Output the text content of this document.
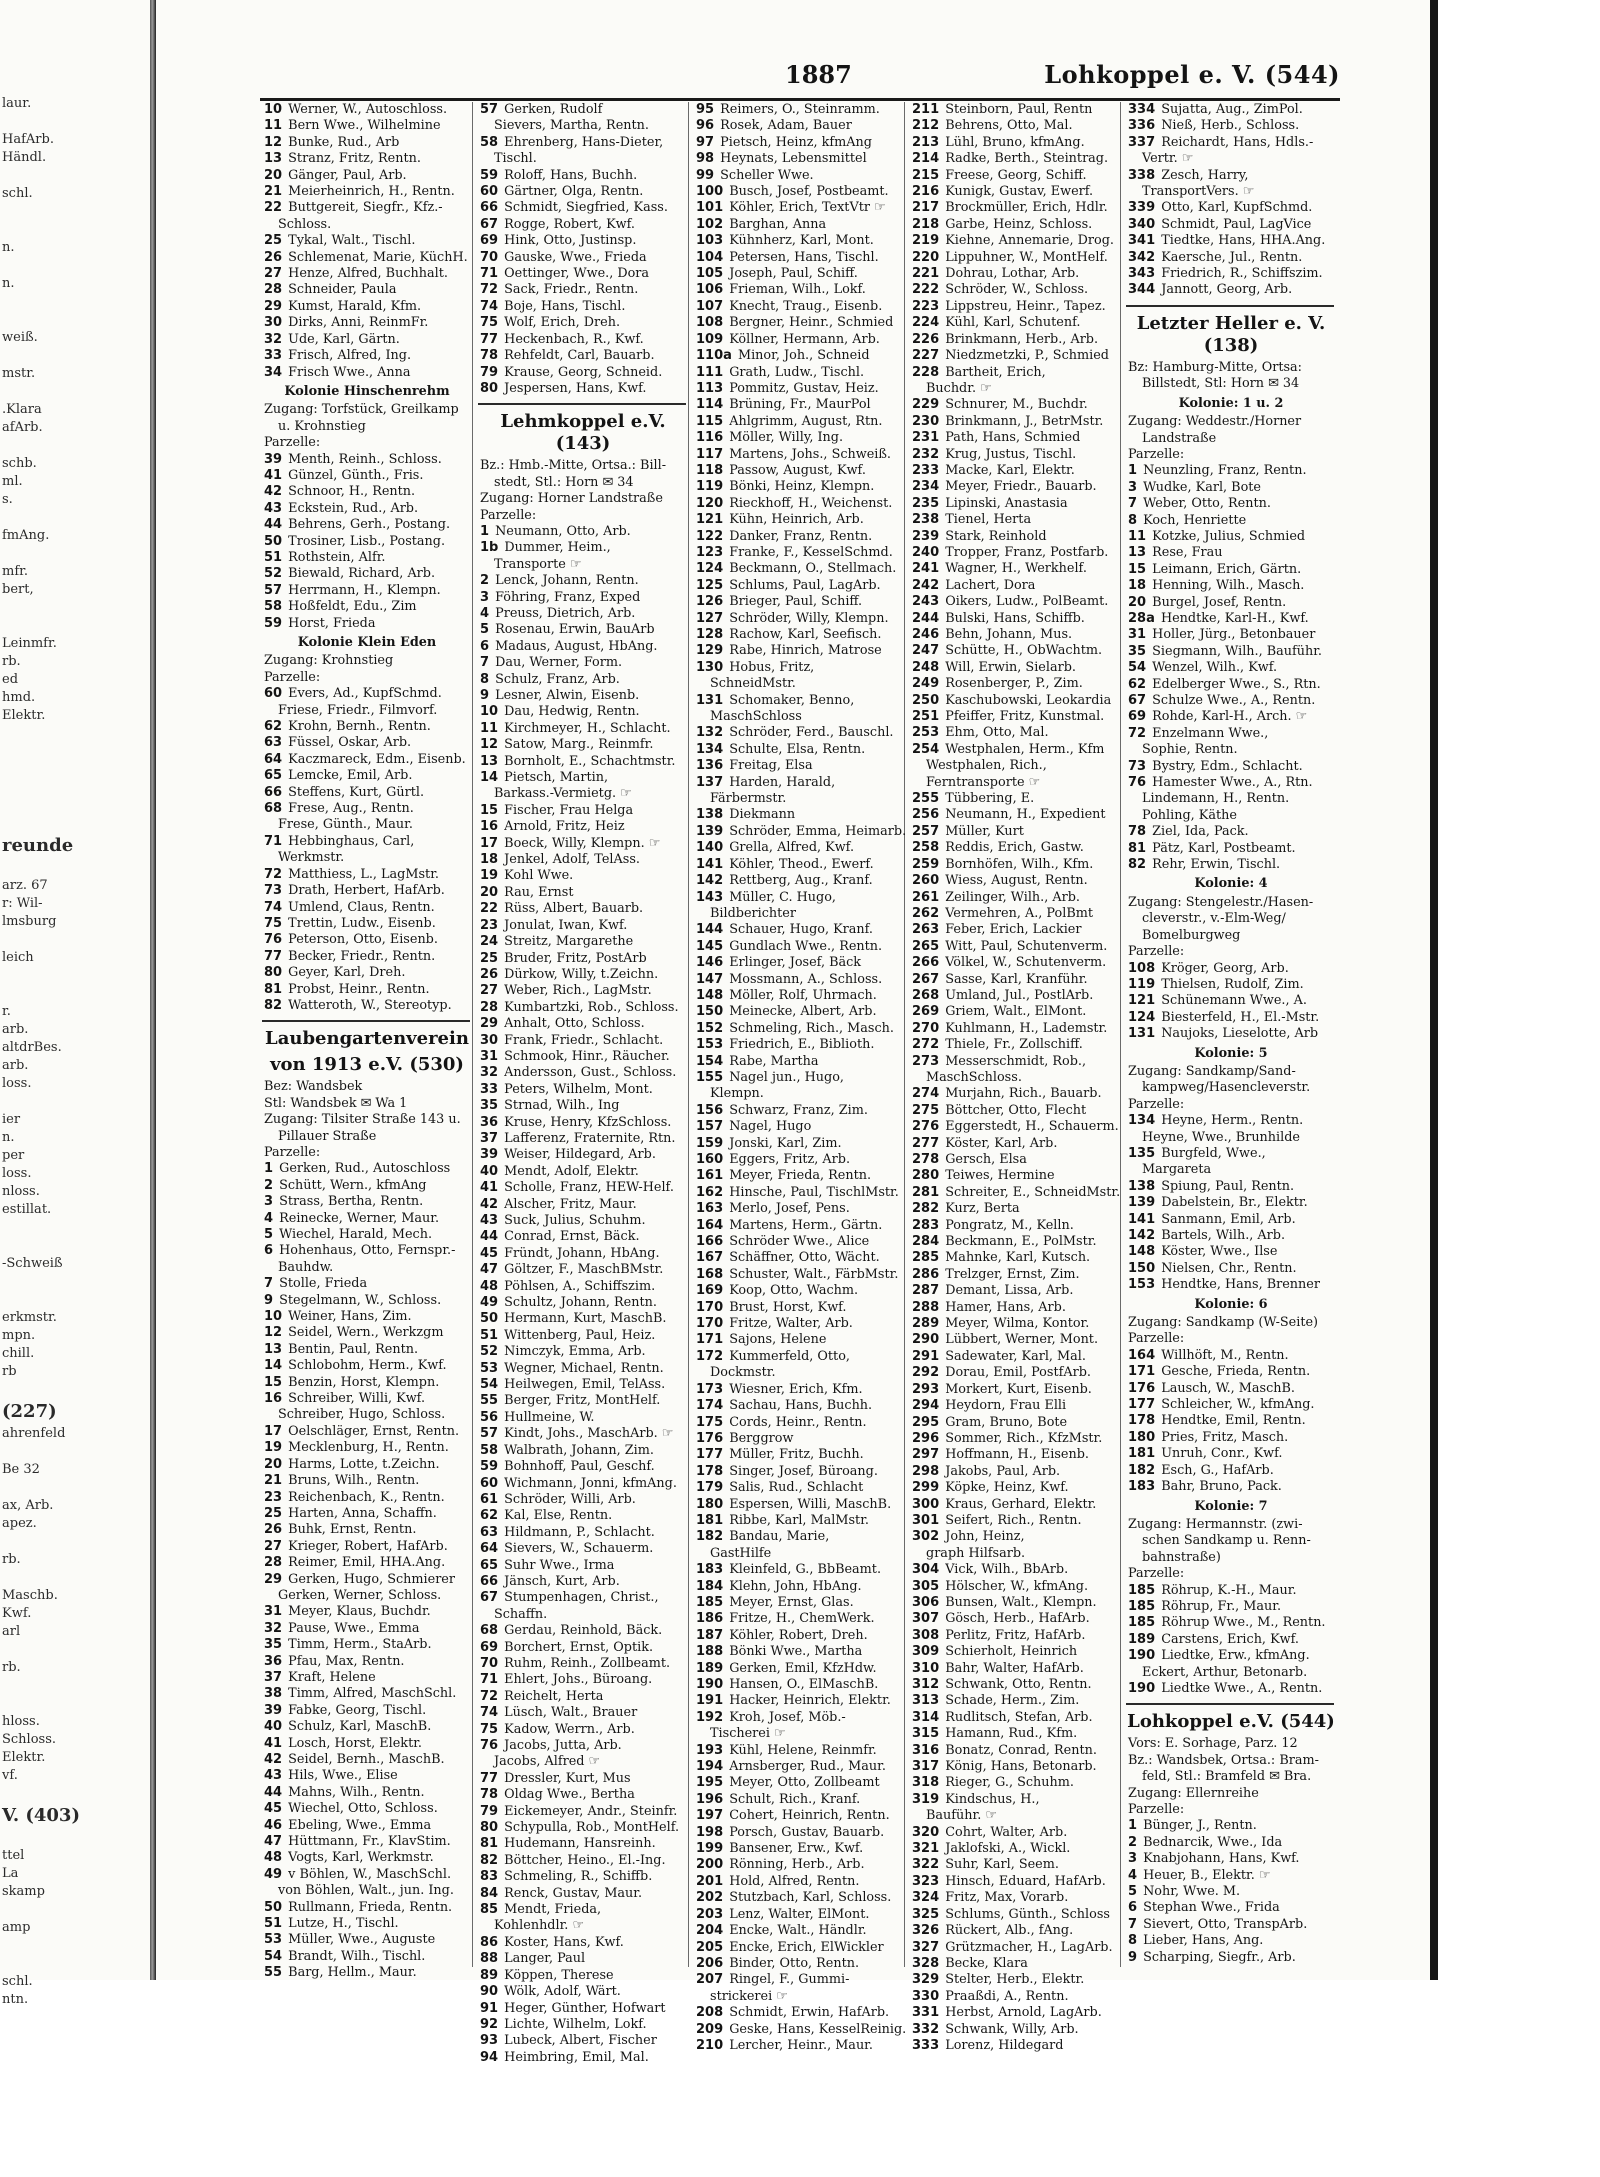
laur.

HafArb.
Händl.

schl.

n.

n.

weiß.

mstr.

.Klara
afArb.

schb.
ml.
s.

fmAng.

mfr.
bert,

Leinmfr.
rb.
ed
hmd.
Elektr.

reunde

arz. 67
r: Wil-
lmsburg

leich

r.
arb.
altdrBes.
arb.
loss.

ier
n.
per
loss.
nloss.
estillat.

-Schweiß

erkmstr.
mpn.
chill.
rb

(227)
ahrenfeld

Be 32

ax, Arb.
apez.

rb.

Maschb.
Kwf.
arl

rb.

hloss.
Schloss.
Elektr.
vf.

V. (403)

ttel
La
skamp

amp

schl.
ntn.
1887	Lohkoppel e. V. (544)
10 Werner, W., Autoschloss.
11 Bern Wwe., Wilhelmine
12 Bunke, Rud., Arb
13 Stranz, Fritz, Rentn.
20 Gänger, Paul, Arb.
21 Meierheinrich, H., Rentn.
22 Buttgereit, Siegfr., Kfz.-
Schloss.
25 Tykal, Walt., Tischl.
26 Schlemenat, Marie, KüchH.
27 Henze, Alfred, Buchhalt.
28 Schneider, Paula
29 Kumst, Harald, Kfm.
30 Dirks, Anni, ReinmFr.
32 Ude, Karl, Gärtn.
33 Frisch, Alfred, Ing.
34 Frisch Wwe., Anna
Kolonie Hinschenrehm
Zugang: Torfstück, Greilkamp
u. Krohnstieg
Parzelle:
39 Menth, Reinh., Schloss.
41 Günzel, Günth., Fris.
42 Schnoor, H., Rentn.
43 Eckstein, Rud., Arb.
44 Behrens, Gerh., Postang.
50 Trosiner, Lisb., Postang.
51 Rothstein, Alfr.
52 Biewald, Richard, Arb.
57 Herrmann, H., Klempn.
58 Hoßfeldt, Edu., Zim
59 Horst, Frieda
Kolonie Klein Eden
Zugang: Krohnstieg
Parzelle:
60 Evers, Ad., KupfSchmd.
Friese, Friedr., Filmvorf.
62 Krohn, Bernh., Rentn.
63 Füssel, Oskar, Arb.
64 Kaczmareck, Edm., Eisenb.
65 Lemcke, Emil, Arb.
66 Steffens, Kurt, Gürtl.
68 Frese, Aug., Rentn.
Frese, Günth., Maur.
71 Hebbinghaus, Carl,
Werkmstr.
72 Matthiess, L., LagMstr.
73 Drath, Herbert, HafArb.
74 Umlend, Claus, Rentn.
75 Trettin, Ludw., Eisenb.
76 Peterson, Otto, Eisenb.
77 Becker, Friedr., Rentn.
80 Geyer, Karl, Dreh.
81 Probst, Heinr., Rentn.
82 Watteroth, W., Stereotyp.
Laubengartenverein
von 1913 e.V. (530)
Bez: Wandsbek
Stl: Wandsbek ✉ Wa 1
Zugang: Tilsiter Straße 143 u.
Pillauer Straße
Parzelle:
1 Gerken, Rud., Autoschloss
2 Schütt, Wern., kfmAng
3 Strass, Bertha, Rentn.
4 Reinecke, Werner, Maur.
5 Wiechel, Harald, Mech.
6 Hohenhaus, Otto, Fernspr.-
Bauhdw.
7 Stolle, Frieda
9 Stegelmann, W., Schloss.
10 Weiner, Hans, Zim.
12 Seidel, Wern., Werkzgm
13 Bentin, Paul, Rentn.
14 Schlobohm, Herm., Kwf.
15 Benzin, Horst, Klempn.
16 Schreiber, Willi, Kwf.
Schreiber, Hugo, Schloss.
17 Oelschläger, Ernst, Rentn.
19 Mecklenburg, H., Rentn.
20 Harms, Lotte, t.Zeichn.
21 Bruns, Wilh., Rentn.
23 Reichenbach, K., Rentn.
25 Harten, Anna, Schaffn.
26 Buhk, Ernst, Rentn.
27 Krieger, Robert, HafArb.
28 Reimer, Emil, HHA.Ang.
29 Gerken, Hugo, Schmierer
Gerken, Werner, Schloss.
31 Meyer, Klaus, Buchdr.
32 Pause, Wwe., Emma
35 Timm, Herm., StaArb.
36 Pfau, Max, Rentn.
37 Kraft, Helene
38 Timm, Alfred, MaschSchl.
39 Fabke, Georg, Tischl.
40 Schulz, Karl, MaschB.
41 Losch, Horst, Elektr.
42 Seidel, Bernh., MaschB.
43 Hils, Wwe., Elise
44 Mahns, Wilh., Rentn.
45 Wiechel, Otto, Schloss.
46 Ebeling, Wwe., Emma
47 Hüttmann, Fr., KlavStim.
48 Vogts, Karl, Werkmstr.
49 v Böhlen, W., MaschSchl.
von Böhlen, Walt., jun. Ing.
50 Rullmann, Frieda, Rentn.
51 Lutze, H., Tischl.
53 Müller, Wwe., Auguste
54 Brandt, Wilh., Tischl.
55 Barg, Hellm., Maur.
57 Gerken, Rudolf
Sievers, Martha, Rentn.
58 Ehrenberg, Hans-Dieter,
Tischl.
59 Roloff, Hans, Buchh.
60 Gärtner, Olga, Rentn.
66 Schmidt, Siegfried, Kass.
67 Rogge, Robert, Kwf.
69 Hink, Otto, Justinsp.
70 Gauske, Wwe., Frieda
71 Oettinger, Wwe., Dora
72 Sack, Friedr., Rentn.
74 Boje, Hans, Tischl.
75 Wolf, Erich, Dreh.
77 Heckenbach, R., Kwf.
78 Rehfeldt, Carl, Bauarb.
79 Krause, Georg, Schneid.
80 Jespersen, Hans, Kwf.
Lehmkoppel e.V. (143)
Bz.: Hmb.-Mitte, Ortsa.: Bill-
stedt, Stl.: Horn ✉ 34
Zugang: Horner Landstraße
Parzelle:
1 Neumann, Otto, Arb.
1b Dummer, Heim.,
Transporte ☞
2 Lenck, Johann, Rentn.
3 Föhring, Franz, Exped
4 Preuss, Dietrich, Arb.
5 Rosenau, Erwin, BauArb
6 Madaus, August, HbAng.
7 Dau, Werner, Form.
8 Schulz, Franz, Arb.
9 Lesner, Alwin, Eisenb.
10 Dau, Hedwig, Rentn.
11 Kirchmeyer, H., Schlacht.
12 Satow, Marg., Reinmfr.
13 Bornholt, E., Schachtmstr.
14 Pietsch, Martin,
Barkass.-Vermietg. ☞
15 Fischer, Frau Helga
16 Arnold, Fritz, Heiz
17 Boeck, Willy, Klempn. ☞
18 Jenkel, Adolf, TelAss.
19 Kohl Wwe.
20 Rau, Ernst
22 Rüss, Albert, Bauarb.
23 Jonulat, Iwan, Kwf.
24 Streitz, Margarethe
25 Bruder, Fritz, PostArb
26 Dürkow, Willy, t.Zeichn.
27 Weber, Rich., LagMstr.
28 Kumbartzki, Rob., Schloss.
29 Anhalt, Otto, Schloss.
30 Frank, Friedr., Schlacht.
31 Schmook, Hinr., Räucher.
32 Andersson, Gust., Schloss.
33 Peters, Wilhelm, Mont.
35 Strnad, Wilh., Ing
36 Kruse, Henry, KfzSchloss.
37 Lafferenz, Fraternite, Rtn.
39 Weiser, Hildegard, Arb.
40 Mendt, Adolf, Elektr.
41 Scholle, Franz, HEW-Helf.
42 Alscher, Fritz, Maur.
43 Suck, Julius, Schuhm.
44 Conrad, Ernst, Bäck.
45 Fründt, Johann, HbAng.
47 Göltzer, F., MaschBMstr.
48 Pöhlsen, A., Schiffszim.
49 Schultz, Johann, Rentn.
50 Hermann, Kurt, MaschB.
51 Wittenberg, Paul, Heiz.
52 Nimczyk, Emma, Arb.
53 Wegner, Michael, Rentn.
54 Heilwegen, Emil, TelAss.
55 Berger, Fritz, MontHelf.
56 Hullmeine, W.
57 Kindt, Johs., MaschArb. ☞
58 Walbrath, Johann, Zim.
59 Bohnhoff, Paul, Geschf.
60 Wichmann, Jonni, kfmAng.
61 Schröder, Willi, Arb.
62 Kal, Else, Rentn.
63 Hildmann, P., Schlacht.
64 Sievers, W., Schauerm.
65 Suhr Wwe., Irma
66 Jänsch, Kurt, Arb.
67 Stumpenhagen, Christ.,
Schaffn.
68 Gerdau, Reinhold, Bäck.
69 Borchert, Ernst, Optik.
70 Ruhm, Reinh., Zollbeamt.
71 Ehlert, Johs., Büroang.
72 Reichelt, Herta
74 Lüsch, Walt., Brauer
75 Kadow, Werrn., Arb.
76 Jacobs, Jutta, Arb.
Jacobs, Alfred ☞
77 Dressler, Kurt, Mus
78 Oldag Wwe., Bertha
79 Eickemeyer, Andr., Steinfr.
80 Schypulla, Rob., MontHelf.
81 Hudemann, Hansreinh.
82 Böttcher, Heino., El.-Ing.
83 Schmeling, R., Schiffb.
84 Renck, Gustav, Maur.
85 Mendt, Frieda,
Kohlenhdlr. ☞
86 Koster, Hans, Kwf.
88 Langer, Paul
89 Köppen, Therese
90 Wölk, Adolf, Wärt.
91 Heger, Günther, Hofwart
92 Lichte, Wilhelm, Lokf.
93 Lubeck, Albert, Fischer
94 Heimbring, Emil, Mal.
95 Reimers, O., Steinramm.
96 Rosek, Adam, Bauer
97 Pietsch, Heinz, kfmAng
98 Heynats, Lebensmittel
99 Scheller Wwe.
100 Busch, Josef, Postbeamt.
101 Köhler, Erich, TextVtr ☞
102 Barghan, Anna
103 Kühnherz, Karl, Mont.
104 Petersen, Hans, Tischl.
105 Joseph, Paul, Schiff.
106 Frieman, Wilh., Lokf.
107 Knecht, Traug., Eisenb.
108 Bergner, Heinr., Schmied
109 Köllner, Hermann, Arb.
110a Minor, Joh., Schneid
111 Grath, Ludw., Tischl.
113 Pommitz, Gustav, Heiz.
114 Brüning, Fr., MaurPol
115 Ahlgrimm, August, Rtn.
116 Möller, Willy, Ing.
117 Martens, Johs., Schweiß.
118 Passow, August, Kwf.
119 Bönki, Heinz, Klempn.
120 Rieckhoff, H., Weichenst.
121 Kühn, Heinrich, Arb.
122 Danker, Franz, Rentn.
123 Franke, F., KesselSchmd.
124 Beckmann, O., Stellmach.
125 Schlums, Paul, LagArb.
126 Brieger, Paul, Schiff.
127 Schröder, Willy, Klempn.
128 Rachow, Karl, Seefisch.
129 Rabe, Hinrich, Matrose
130 Hobus, Fritz,
SchneidMstr.
131 Schomaker, Benno,
MaschSchloss
132 Schröder, Ferd., Bauschl.
134 Schulte, Elsa, Rentn.
136 Freitag, Elsa
137 Harden, Harald,
Färbermstr.
138 Diekmann
139 Schröder, Emma, Heimarb.
140 Grella, Alfred, Kwf.
141 Köhler, Theod., Ewerf.
142 Rettberg, Aug., Kranf.
143 Müller, C. Hugo,
Bildberichter
144 Schauer, Hugo, Kranf.
145 Gundlach Wwe., Rentn.
146 Erlinger, Josef, Bäck
147 Mossmann, A., Schloss.
148 Möller, Rolf, Uhrmach.
150 Meinecke, Albert, Arb.
152 Schmeling, Rich., Masch.
153 Friedrich, E., Biblioth.
154 Rabe, Martha
155 Nagel jun., Hugo,
Klempn.
156 Schwarz, Franz, Zim.
157 Nagel, Hugo
159 Jonski, Karl, Zim.
160 Eggers, Fritz, Arb.
161 Meyer, Frieda, Rentn.
162 Hinsche, Paul, TischlMstr.
163 Merlo, Josef, Pens.
164 Martens, Herm., Gärtn.
166 Schröder Wwe., Alice
167 Schäffner, Otto, Wächt.
168 Schuster, Walt., FärbMstr.
169 Koop, Otto, Wachm.
170 Brust, Horst, Kwf.
170 Fritze, Walter, Arb.
171 Sajons, Helene
172 Kummerfeld, Otto,
Dockmstr.
173 Wiesner, Erich, Kfm.
174 Sachau, Hans, Buchh.
175 Cords, Heinr., Rentn.
176 Berggrow
177 Müller, Fritz, Buchh.
178 Singer, Josef, Büroang.
179 Salis, Rud., Schlacht
180 Espersen, Willi, MaschB.
181 Ribbe, Karl, MalMstr.
182 Bandau, Marie,
GastHilfe
183 Kleinfeld, G., BbBeamt.
184 Klehn, John, HbAng.
185 Meyer, Ernst, Glas.
186 Fritze, H., ChemWerk.
187 Köhler, Robert, Dreh.
188 Bönki Wwe., Martha
189 Gerken, Emil, KfzHdw.
190 Hansen, O., ElMaschB.
191 Hacker, Heinrich, Elektr.
192 Kroh, Josef, Möb.-
Tischerei ☞
193 Kühl, Helene, Reinmfr.
194 Arnsberger, Rud., Maur.
195 Meyer, Otto, Zollbeamt
196 Schult, Rich., Kranf.
197 Cohert, Heinrich, Rentn.
198 Porsch, Gustav, Bauarb.
199 Bansener, Erw., Kwf.
200 Rönning, Herb., Arb.
201 Hold, Alfred, Rentn.
202 Stutzbach, Karl, Schloss.
203 Lenz, Walter, ElMont.
204 Encke, Walt., Händlr.
205 Encke, Erich, ElWickler
206 Binder, Otto, Rentn.
207 Ringel, F., Gummi-
strickerei ☞
208 Schmidt, Erwin, HafArb.
209 Geske, Hans, KesselReinig.
210 Lercher, Heinr., Maur.
211 Steinborn, Paul, Rentn
212 Behrens, Otto, Mal.
213 Lühl, Bruno, kfmAng.
214 Radke, Berth., Steintrag.
215 Freese, Georg, Schiff.
216 Kunigk, Gustav, Ewerf.
217 Brockmüller, Erich, Hdlr.
218 Garbe, Heinz, Schloss.
219 Kiehne, Annemarie, Drog.
220 Lippuhner, W., MontHelf.
221 Dohrau, Lothar, Arb.
222 Schröder, W., Schloss.
223 Lippstreu, Heinr., Tapez.
224 Kühl, Karl, Schutenf.
226 Brinkmann, Herb., Arb.
227 Niedzmetzki, P., Schmied
228 Bartheit, Erich,
Buchdr. ☞
229 Schnurer, M., Buchdr.
230 Brinkmann, J., BetrMstr.
231 Path, Hans, Schmied
232 Krug, Justus, Tischl.
233 Macke, Karl, Elektr.
234 Meyer, Friedr., Bauarb.
235 Lipinski, Anastasia
238 Tienel, Herta
239 Stark, Reinhold
240 Tropper, Franz, Postfarb.
241 Wagner, H., Werkhelf.
242 Lachert, Dora
243 Oikers, Ludw., PolBeamt.
244 Bulski, Hans, Schiffb.
246 Behn, Johann, Mus.
247 Schütte, H., ObWachtm.
248 Will, Erwin, Sielarb.
249 Rosenberger, P., Zim.
250 Kaschubowski, Leokardia
251 Pfeiffer, Fritz, Kunstmal.
253 Ehm, Otto, Mal.
254 Westphalen, Herm., Kfm
Westphalen, Rich.,
Ferntransporte ☞
255 Tübbering, E.
256 Neumann, H., Expedient
257 Müller, Kurt
258 Reddis, Erich, Gastw.
259 Bornhöfen, Wilh., Kfm.
260 Wiess, August, Rentn.
261 Zeilinger, Wilh., Arb.
262 Vermehren, A., PolBmt
263 Feber, Erich, Lackier
265 Witt, Paul, Schutenverm.
266 Völkel, W., Schutenverm.
267 Sasse, Karl, Kranführ.
268 Umland, Jul., PostlArb.
269 Griem, Walt., ElMont.
270 Kuhlmann, H., Lademstr.
272 Thiele, Fr., Zollschiff.
273 Messerschmidt, Rob.,
MaschSchloss.
274 Murjahn, Rich., Bauarb.
275 Böttcher, Otto, Flecht
276 Eggerstedt, H., Schauerm.
277 Köster, Karl, Arb.
278 Gersch, Elsa
280 Teiwes, Hermine
281 Schreiter, E., SchneidMstr.
282 Kurz, Berta
283 Pongratz, M., Kelln.
284 Beckmann, E., PolMstr.
285 Mahnke, Karl, Kutsch.
286 Trelzger, Ernst, Zim.
287 Demant, Lissa, Arb.
288 Hamer, Hans, Arb.
289 Meyer, Wilma, Kontor.
290 Lübbert, Werner, Mont.
291 Sadewater, Karl, Mal.
292 Dorau, Emil, PostfArb.
293 Morkert, Kurt, Eisenb.
294 Heydorn, Frau Elli
295 Gram, Bruno, Bote
296 Sommer, Rich., KfzMstr.
297 Hoffmann, H., Eisenb.
298 Jakobs, Paul, Arb.
299 Köpke, Heinz, Kwf.
300 Kraus, Gerhard, Elektr.
301 Seifert, Rich., Rentn.
302 John, Heinz,
graph Hilfsarb.
304 Vick, Wilh., BbArb.
305 Hölscher, W., kfmAng.
306 Bunsen, Walt., Klempn.
307 Gösch, Herb., HafArb.
308 Perlitz, Fritz, HafArb.
309 Schierholt, Heinrich
310 Bahr, Walter, HafArb.
312 Schwank, Otto, Rentn.
313 Schade, Herm., Zim.
314 Rudlitsch, Stefan, Arb.
315 Hamann, Rud., Kfm.
316 Bonatz, Conrad, Rentn.
317 König, Hans, Betonarb.
318 Rieger, G., Schuhm.
319 Kindschus, H.,
Bauführ. ☞
320 Cohrt, Walter, Arb.
321 Jaklofski, A., Wickl.
322 Suhr, Karl, Seem.
323 Hinsch, Eduard, HafArb.
324 Fritz, Max, Vorarb.
325 Schlums, Günth., Schloss
326 Rückert, Alb., fAng.
327 Grützmacher, H., LagArb.
328 Becke, Klara
329 Stelter, Herb., Elektr.
330 Praaßdi, A., Rentn.
331 Herbst, Arnold, LagArb.
332 Schwank, Willy, Arb.
333 Lorenz, Hildegard
334 Sujatta, Aug., ZimPol.
336 Nieß, Herb., Schloss.
337 Reichardt, Hans, Hdls.-
Vertr. ☞
338 Zesch, Harry,
TransportVers. ☞
339 Otto, Karl, KupfSchmd.
340 Schmidt, Paul, LagVice
341 Tiedtke, Hans, HHA.Ang.
342 Kaersche, Jul., Rentn.
343 Friedrich, R., Schiffszim.
344 Jannott, Georg, Arb.
Letzter Heller e. V. (138)
Bz: Hamburg-Mitte, Ortsa:
Billstedt, Stl: Horn ✉ 34
Kolonie: 1 u. 2
Zugang: Weddestr./Horner
Landstraße
Parzelle:
1 Neunzling, Franz, Rentn.
3 Wudke, Karl, Bote
7 Weber, Otto, Rentn.
8 Koch, Henriette
11 Kotzke, Julius, Schmied
13 Rese, Frau
15 Leimann, Erich, Gärtn.
18 Henning, Wilh., Masch.
20 Burgel, Josef, Rentn.
28a Hendtke, Karl-H., Kwf.
31 Holler, Jürg., Betonbauer
35 Siegmann, Wilh., Bauführ.
54 Wenzel, Wilh., Kwf.
62 Edelberger Wwe., S., Rtn.
67 Schulze Wwe., A., Rentn.
69 Rohde, Karl-H., Arch. ☞
72 Enzelmann Wwe.,
Sophie, Rentn.
73 Bystry, Edm., Schlacht.
76 Hamester Wwe., A., Rtn.
Lindemann, H., Rentn.
Pohling, Käthe
78 Ziel, Ida, Pack.
81 Pätz, Karl, Postbeamt.
82 Rehr, Erwin, Tischl.
Kolonie: 4
Zugang: Stengelestr./Hasen-
cleverstr., v.-Elm-Weg/
Bomelburgweg
Parzelle:
108 Kröger, Georg, Arb.
119 Thielsen, Rudolf, Zim.
121 Schünemann Wwe., A.
124 Biesterfeld, H., El.-Mstr.
131 Naujoks, Lieselotte, Arb
Kolonie: 5
Zugang: Sandkamp/Sand-
kampweg/Hasencleverstr.
Parzelle:
134 Heyne, Herm., Rentn.
Heyne, Wwe., Brunhilde
135 Burgfeld, Wwe.,
Margareta
138 Spiung, Paul, Rentn.
139 Dabelstein, Br., Elektr.
141 Sanmann, Emil, Arb.
142 Bartels, Wilh., Arb.
148 Köster, Wwe., Ilse
150 Nielsen, Chr., Rentn.
153 Hendtke, Hans, Brenner
Kolonie: 6
Zugang: Sandkamp (W-Seite)
Parzelle:
164 Willhöft, M., Rentn.
171 Gesche, Frieda, Rentn.
176 Lausch, W., MaschB.
177 Schleicher, W., kfmAng.
178 Hendtke, Emil, Rentn.
180 Pries, Fritz, Masch.
181 Unruh, Conr., Kwf.
182 Esch, G., HafArb.
183 Bahr, Bruno, Pack.
Kolonie: 7
Zugang: Hermannstr. (zwi-
schen Sandkamp u. Renn-
bahnstraße)
Parzelle:
185 Röhrup, K.-H., Maur.
185 Röhrup, Fr., Maur.
185 Röhrup Wwe., M., Rentn.
189 Carstens, Erich, Kwf.
190 Liedtke, Erw., kfmAng.
Eckert, Arthur, Betonarb.
190 Liedtke Wwe., A., Rentn.
Lohkoppel e.V. (544)
Vors: E. Sorhage, Parz. 12
Bz.: Wandsbek, Ortsa.: Bram-
feld, Stl.: Bramfeld ✉ Bra.
Zugang: Ellernreihe
Parzelle:
1 Bünger, J., Rentn.
2 Bednarcik, Wwe., Ida
3 Knabjohann, Hans, Kwf.
4 Heuer, B., Elektr. ☞
5 Nohr, Wwe. M.
6 Stephan Wwe., Frida
7 Sievert, Otto, TranspArb.
8 Lieber, Hans, Ang.
9 Scharping, Siegfr., Arb.
